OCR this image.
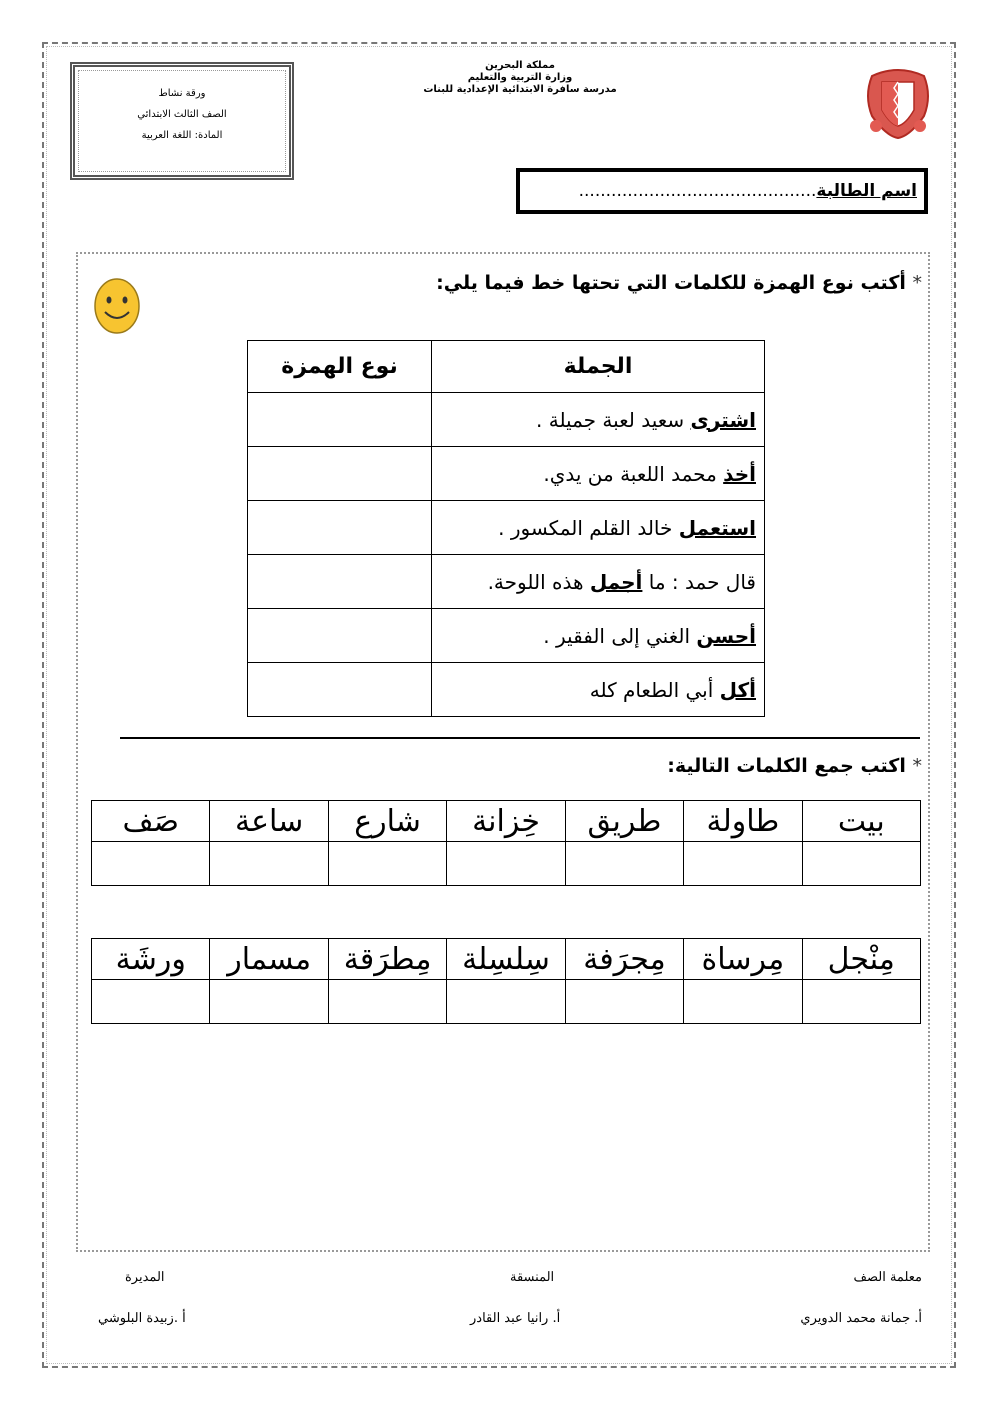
ورقة نشاط
الصف الثالث الابتدائي
المادة: اللغة العربية
مملكة البحرين
وزارة التربية والتعليم
مدرسة سافرة الابتدائية الإعدادية للبنات
اسم الطالبة............................................
* أكتب نوع الهمزة للكلمات التي تحتها خط فيما يلي:
الجملة	نوع الهمزة
اشترى سعيد لعبة جميلة .	
أخذ محمد اللعبة من يدي.	
استعمل خالد القلم المكسور .	
قال حمد : ما أجمل هذه اللوحة.	
أحسن الغني إلى الفقير .	
أكل أبي الطعام كله	
* اكتب جمع الكلمات التالية:
بيت	طاولة	طريق	خِزانة	شارع	ساعة	صَف

مِنْجل	مِرساة	مِجرَفة	سِلسِلة	مِطرَقة	مسمار	ورشَة

معلمة الصف
أ. جمانة محمد الدويري
المنسقة
أ. رانيا عبد القادر
المديرة
أ .زبيدة البلوشي
